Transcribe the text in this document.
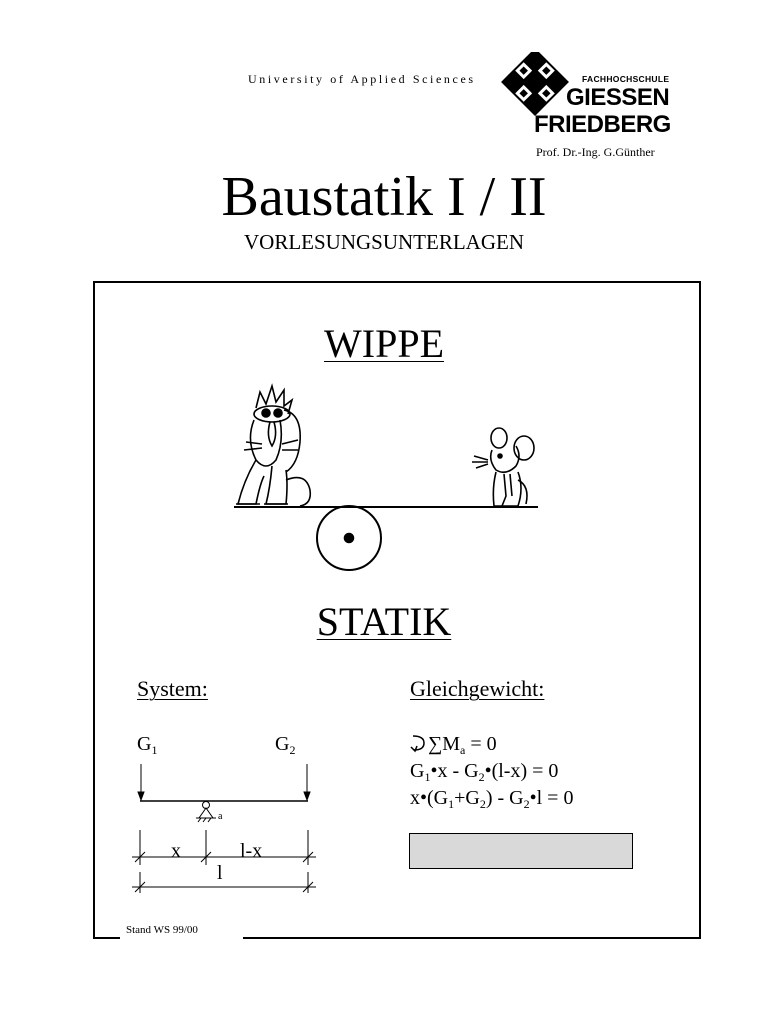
University of Applied Sciences	FACHHOCHSCHULE
GIESSEN
FRIEDBERG
Prof. Dr.-Ing. G.Günther
Baustatik I / II
VORLESUNGSUNTERLAGEN
Stand WS 99/00
WIPPE
STATIK
System:	Gleichgewicht:
$G_1$	$G_2$
a
x	l-x
l
$\sum M_a = 0$
$G_1•x$ - $G_2•(l-x) = 0$
$x•(G_1+G_2)$ - $G_2•l = 0$
